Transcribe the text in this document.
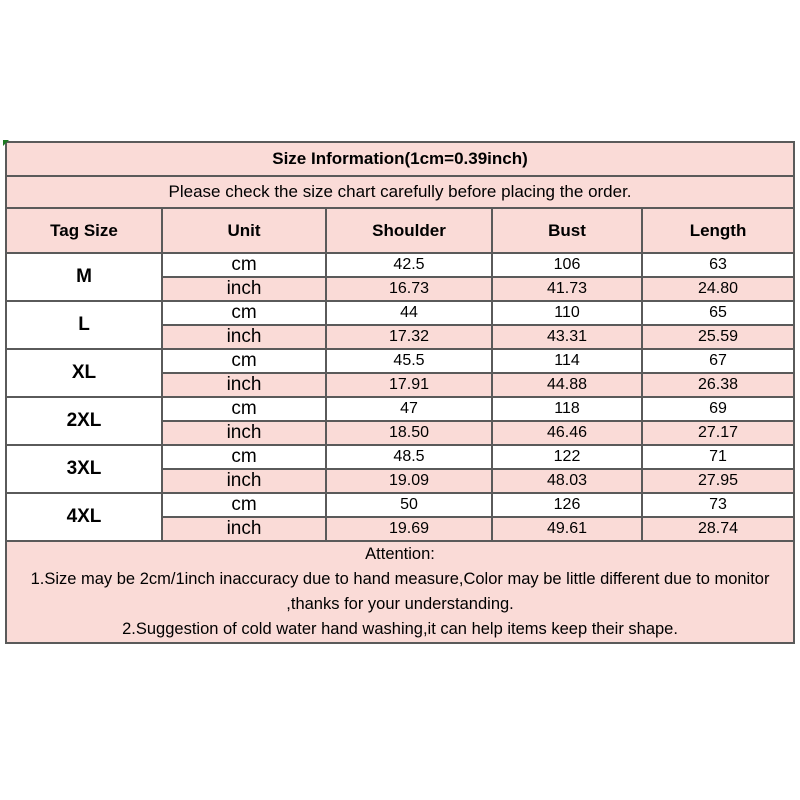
Size Information(1cm=0.39inch)				
Please check the size chart carefully before placing the order.				
Tag Size	Unit	Shoulder	Bust	Length
M	cm	42.5	106	63
	inch	16.73	41.73	24.80
L	cm	44	110	65
	inch	17.32	43.31	25.59
XL	cm	45.5	114	67
	inch	17.91	44.88	26.38
2XL	cm	47	118	69
	inch	18.50	46.46	27.17
3XL	cm	48.5	122	71
	inch	19.09	48.03	27.95
4XL	cm	50	126	73
	inch	19.69	49.61	28.74

Attention:
1.Size may be 2cm/1inch inaccuracy due to hand measure,Color may be little different due to monitor
,thanks for your understanding.
2.Suggestion of cold water hand washing,it can help items keep their shape.				
